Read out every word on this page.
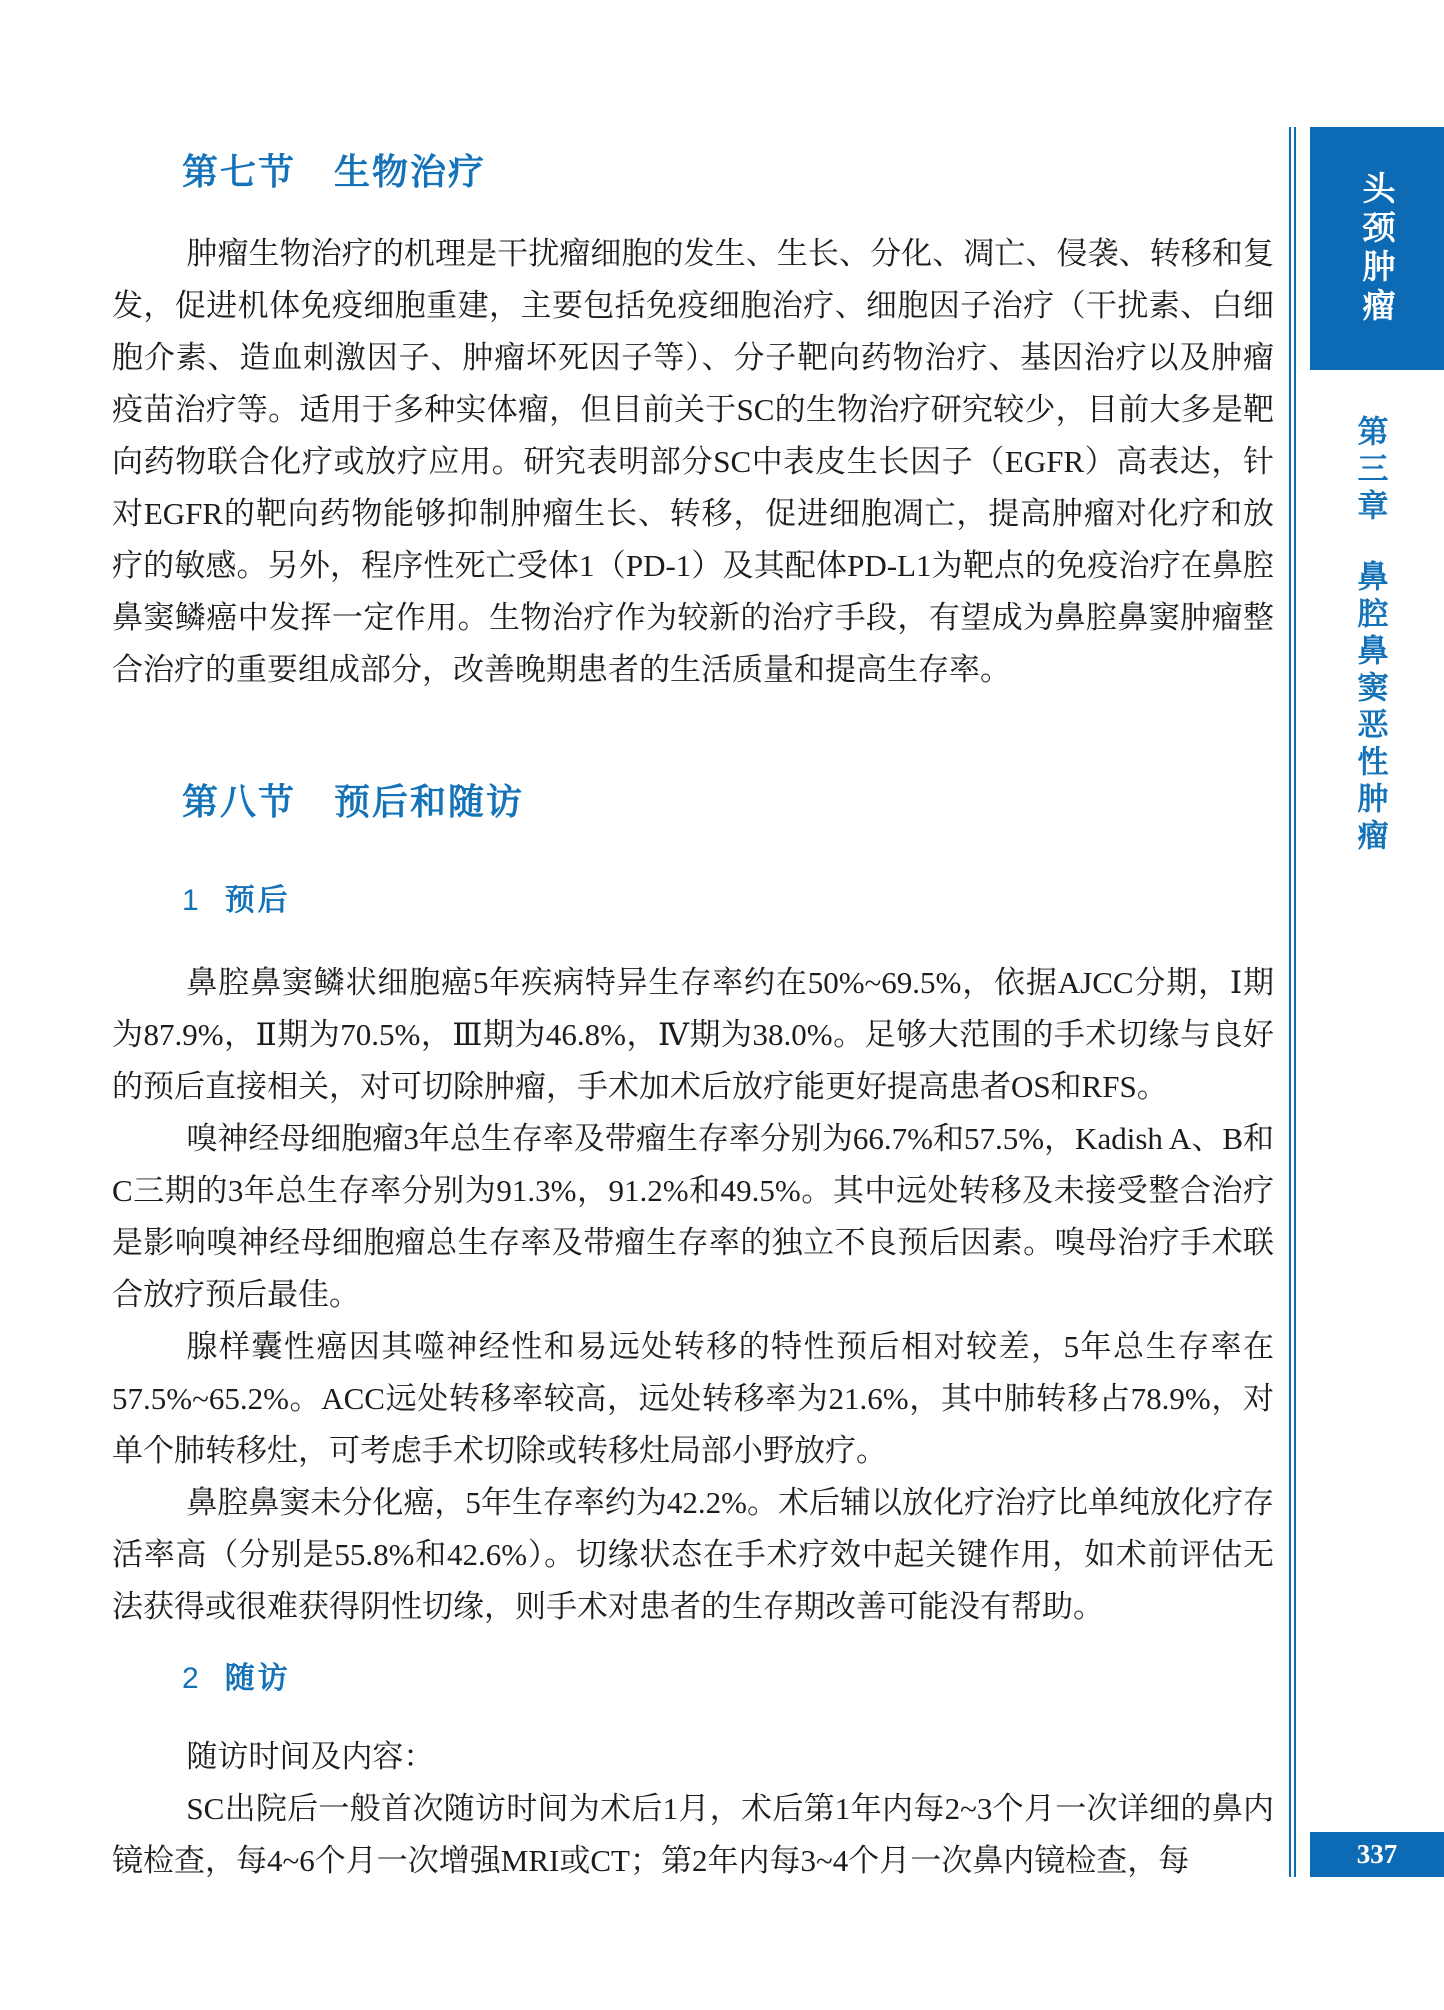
第七节　生物治疗

肿瘤生物治疗的机理是干扰瘤细胞的发生、生长、分化、凋亡、侵袭、转移和复发，促进机体免疫细胞重建，主要包括免疫细胞治疗、细胞因子治疗（干扰素、白细胞介素、造血刺激因子、肿瘤坏死因子等）、分子靶向药物治疗、基因治疗以及肿瘤疫苗治疗等。适用于多种实体瘤，但目前关于SC的生物治疗研究较少，目前大多是靶向药物联合化疗或放疗应用。研究表明部分SC中表皮生长因子（EGFR）高表达，针对EGFR的靶向药物能够抑制肿瘤生长、转移，促进细胞凋亡，提高肿瘤对化疗和放疗的敏感。另外，程序性死亡受体1（PD-1）及其配体PD-L1为靶点的免疫治疗在鼻腔鼻窦鳞癌中发挥一定作用。生物治疗作为较新的治疗手段，有望成为鼻腔鼻窦肿瘤整合治疗的重要组成部分，改善晚期患者的生活质量和提高生存率。

第八节　预后和随访
1 预后

鼻腔鼻窦鳞状细胞癌5年疾病特异生存率约在50%~69.5%，依据AJCC分期，Ⅰ期为87.9%，Ⅱ期为70.5%，Ⅲ期为46.8%，Ⅳ期为38.0%。足够大范围的手术切缘与良好的预后直接相关，对可切除肿瘤，手术加术后放疗能更好提高患者OS和RFS。

嗅神经母细胞瘤3年总生存率及带瘤生存率分别为66.7%和57.5%，Kadish A、B和C三期的3年总生存率分别为91.3%，91.2%和49.5%。其中远处转移及未接受整合治疗是影响嗅神经母细胞瘤总生存率及带瘤生存率的独立不良预后因素。嗅母治疗手术联合放疗预后最佳。

腺样囊性癌因其噬神经性和易远处转移的特性预后相对较差，5年总生存率在57.5%~65.2%。ACC远处转移率较高，远处转移率为21.6%，其中肺转移占78.9%，对单个肺转移灶，可考虑手术切除或转移灶局部小野放疗。

鼻腔鼻窦未分化癌，5年生存率约为42.2%。术后辅以放化疗治疗比单纯放化疗存活率高（分别是55.8%和42.6%）。切缘状态在手术疗效中起关键作用，如术前评估无法获得或很难获得阴性切缘，则手术对患者的生存期改善可能没有帮助。

2 随访

随访时间及内容：

SC出院后一般首次随访时间为术后1月，术后第1年内每2~3个月一次详细的鼻内镜检查，每4~6个月一次增强MRI或CT；第2年内每3~4个月一次鼻内镜检查，每

头颈肿瘤
第三章鼻腔鼻窦恶性肿瘤
337
